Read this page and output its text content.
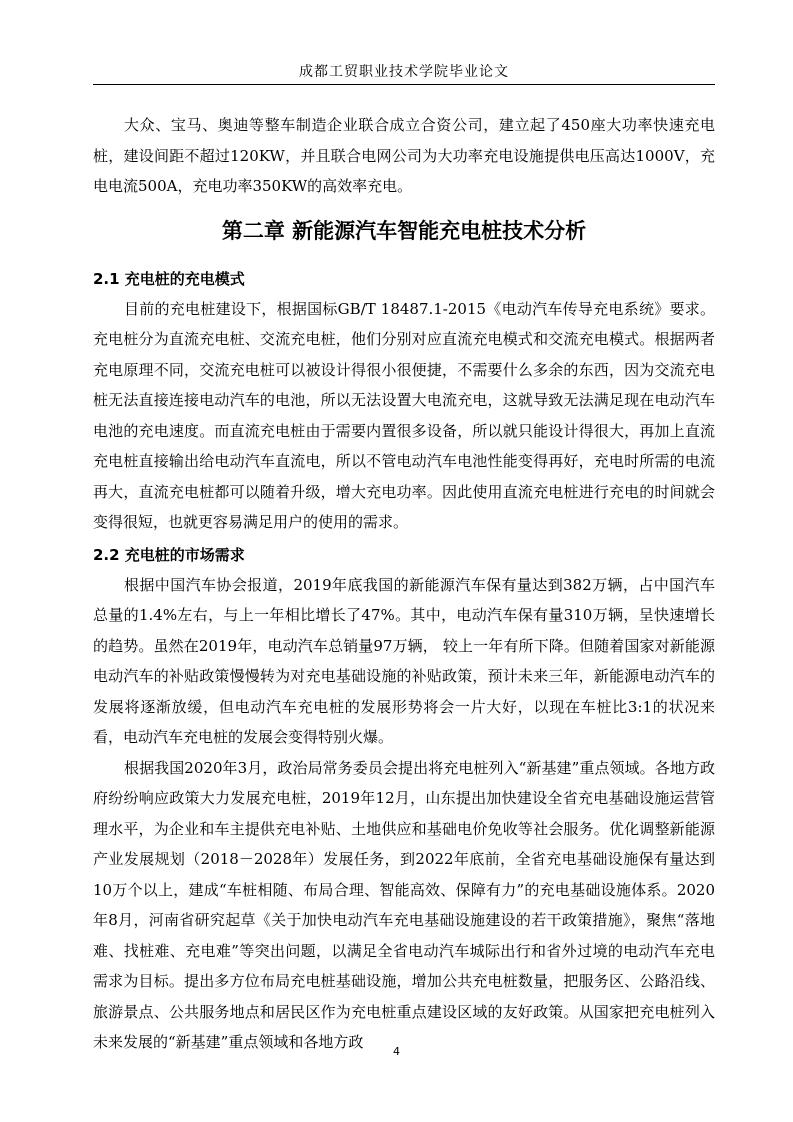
成都工贸职业技术学院毕业论文

大众、宝马、奥迪等整车制造企业联合成立合资公司，建立起了450座大功率快速充电桩，建设间距不超过120KW，并且联合电网公司为大功率充电设施提供电压高达1000V，充电电流500A，充电功率350KW的高效率充电。

第二章 新能源汽车智能充电桩技术分析
2.1 充电桩的充电模式

目前的充电桩建设下，根据国标GB/T 18487.1-2015《电动汽车传导充电系统》要求。充电桩分为直流充电桩、交流充电桩，他们分别对应直流充电模式和交流充电模式。根据两者充电原理不同，交流充电桩可以被设计得很小很便捷，不需要什么多余的东西，因为交流充电桩无法直接连接电动汽车的电池，所以无法设置大电流充电，这就导致无法满足现在电动汽车电池的充电速度。而直流充电桩由于需要内置很多设备，所以就只能设计得很大，再加上直流充电桩直接输出给电动汽车直流电，所以不管电动汽车电池性能变得再好，充电时所需的电流再大，直流充电桩都可以随着升级，增大充电功率。因此使用直流充电桩进行充电的时间就会变得很短，也就更容易满足用户的使用的需求。

2.2 充电桩的市场需求

根据中国汽车协会报道，2019年底我国的新能源汽车保有量达到382万辆，占中国汽车总量的1.4%左右，与上一年相比增长了47%。其中，电动汽车保有量310万辆，呈快速增长的趋势。虽然在2019年，电动汽车总销量97万辆， 较上一年有所下降。但随着国家对新能源电动汽车的补贴政策慢慢转为对充电基础设施的补贴政策，预计未来三年，新能源电动汽车的发展将逐渐放缓，但电动汽车充电桩的发展形势将会一片大好，以现在车桩比3:1的状况来看，电动汽车充电桩的发展会变得特别火爆。

根据我国2020年3月，政治局常务委员会提出将充电桩列入“新基建”重点领域。各地方政府纷纷响应政策大力发展充电桩，2019年12月，山东提出加快建设全省充电基础设施运营管理水平，为企业和车主提供充电补贴、土地供应和基础电价免收等社会服务。优化调整新能源产业发展规划（2018－2028年）发展任务，到2022年底前，全省充电基础设施保有量达到10万个以上，建成“车桩相随、布局合理、智能高效、保障有力”的充电基础设施体系。2020年8月，河南省研究起草《关于加快电动汽车充电基础设施建设的若干政策措施》，聚焦“落地难、找桩难、充电难”等突出问题，以满足全省电动汽车城际出行和省外过境的电动汽车充电需求为目标。提出多方位布局充电桩基础设施，增加公共充电桩数量，把服务区、公路沿线、旅游景点、公共服务地点和居民区作为充电桩重点建设区域的友好政策。从国家把充电桩列入未来发展的“新基建”重点领域和各地方政

4
